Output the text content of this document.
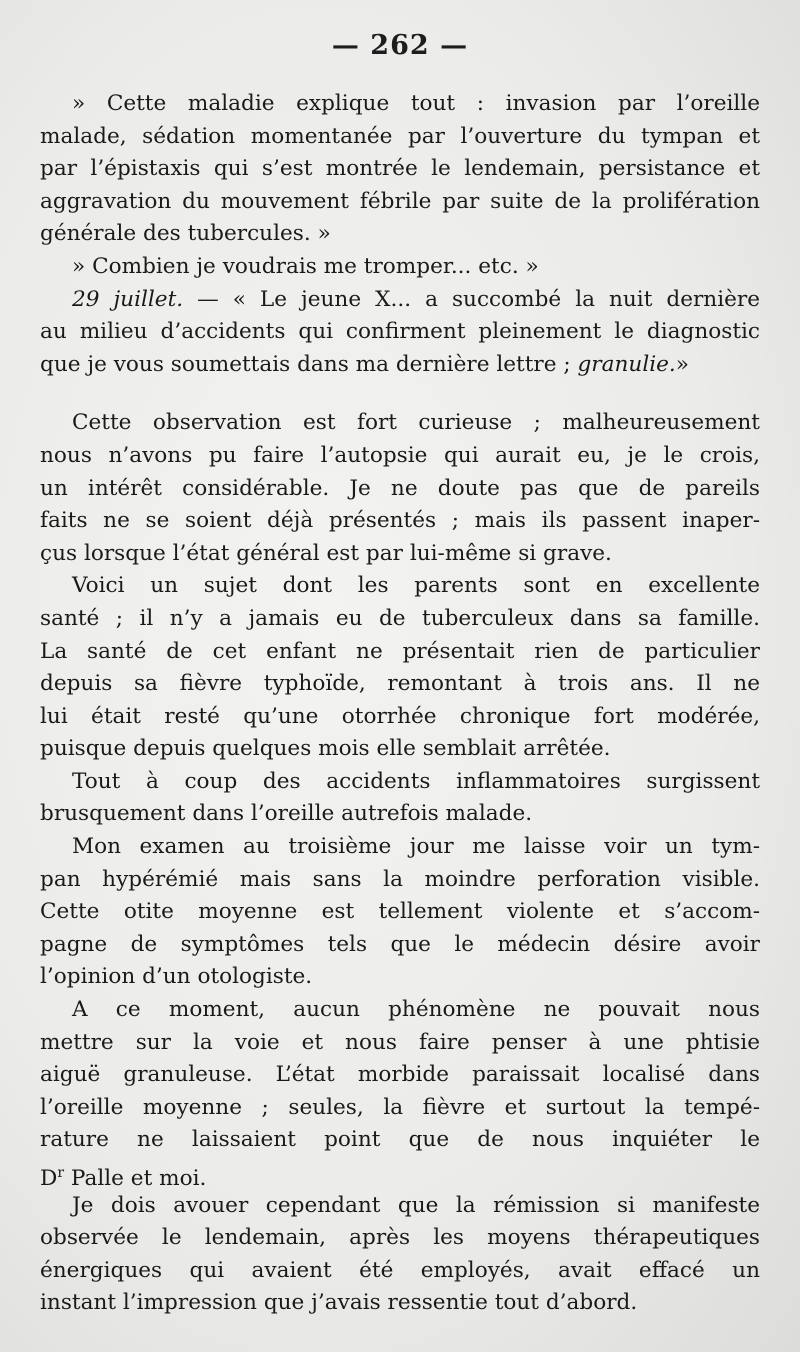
— 262 —
» Cette maladie explique tout : invasion par l’oreille
malade, sédation momentanée par l’ouverture du tympan et
par l’épistaxis qui s’est montrée le lendemain, persistance et
aggravation du mouvement fébrile par suite de la prolifération
générale des tubercules. »
» Combien je voudrais me tromper... etc. »
29 juillet. — « Le jeune X... a succombé la nuit dernière
au milieu d’accidents qui confirment pleinement le diagnostic
que je vous soumettais dans ma dernière lettre ; granulie.»
Cette observation est fort curieuse ; malheureusement
nous n’avons pu faire l’autopsie qui aurait eu, je le crois,
un intérêt considérable. Je ne doute pas que de pareils
faits ne se soient déjà présentés ; mais ils passent inaper-
çus lorsque l’état général est par lui-même si grave.
Voici un sujet dont les parents sont en excellente
santé ; il n’y a jamais eu de tuberculeux dans sa famille.
La santé de cet enfant ne présentait rien de particulier
depuis sa fièvre typhoïde, remontant à trois ans. Il ne
lui était resté qu’une otorrhée chronique fort modérée,
puisque depuis quelques mois elle semblait arrêtée.
Tout à coup des accidents inflammatoires surgissent
brusquement dans l’oreille autrefois malade.
Mon examen au troisième jour me laisse voir un tym-
pan hypérémié mais sans la moindre perforation visible.
Cette otite moyenne est tellement violente et s’accom-
pagne de symptômes tels que le médecin désire avoir
l’opinion d’un otologiste.
A ce moment, aucun phénomène ne pouvait nous
mettre sur la voie et nous faire penser à une phtisie
aiguë granuleuse. L’état morbide paraissait localisé dans
l’oreille moyenne ; seules, la fièvre et surtout la tempé-
rature ne laissaient point que de nous inquiéter le
$D^r$ Palle et moi.
Je dois avouer cependant que la rémission si manifeste
observée le lendemain, après les moyens thérapeutiques
énergiques qui avaient été employés, avait effacé un
instant l’impression que j’avais ressentie tout d’abord.
